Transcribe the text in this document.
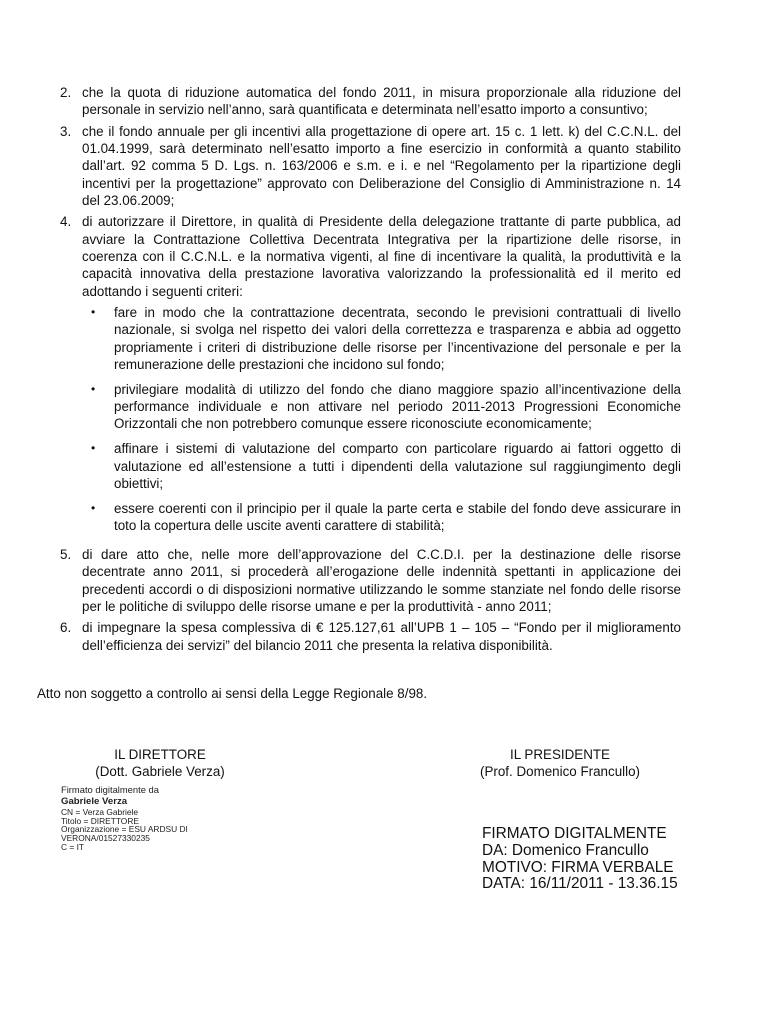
2. che la quota di riduzione automatica del fondo 2011, in misura proporzionale alla riduzione del personale in servizio nell’anno, sarà quantificata e determinata nell’esatto importo a consuntivo;
3. che il fondo annuale per gli incentivi alla progettazione di opere art. 15 c. 1 lett. k) del C.C.N.L. del 01.04.1999, sarà determinato nell’esatto importo a fine esercizio in conformità a quanto stabilito dall’art. 92 comma 5 D. Lgs. n. 163/2006 e s.m. e i. e nel “Regolamento per la ripartizione degli incentivi per la progettazione” approvato con Deliberazione del Consiglio di Amministrazione n. 14 del 23.06.2009;
4. di autorizzare il Direttore, in qualità di Presidente della delegazione trattante di parte pubblica, ad avviare la Contrattazione Collettiva Decentrata Integrativa per la ripartizione delle risorse, in coerenza con il C.C.N.L. e la normativa vigenti, al fine di incentivare la qualità, la produttività e la capacità innovativa della prestazione lavorativa valorizzando la professionalità ed il merito ed adottando i seguenti criteri:
•	fare in modo che la contrattazione decentrata, secondo le previsioni contrattuali di livello nazionale, si svolga nel rispetto dei valori della correttezza e trasparenza e abbia ad oggetto propriamente i criteri di distribuzione delle risorse per l’incentivazione del personale e per la remunerazione delle prestazioni che incidono sul fondo;
•	privilegiare modalità di utilizzo del fondo che diano maggiore spazio all’incentivazione della performance individuale e non attivare nel periodo 2011-2013 Progressioni Economiche Orizzontali che non potrebbero comunque essere riconosciute economicamente;
•	affinare i sistemi di valutazione del comparto con particolare riguardo ai fattori oggetto di valutazione ed all’estensione a tutti i dipendenti della valutazione sul raggiungimento degli obiettivi;
•	essere coerenti con il principio per il quale la parte certa e stabile del fondo deve assicurare in toto la copertura delle uscite aventi carattere di stabilità;
5. di dare atto che, nelle more dell’approvazione del C.C.D.I. per la destinazione delle risorse decentrate anno 2011, si procederà all’erogazione delle indennità spettanti in applicazione dei precedenti accordi o di disposizioni normative utilizzando le somme stanziate nel fondo delle risorse per le politiche di sviluppo delle risorse umane e per la produttività - anno 2011;
6. di impegnare la spesa complessiva di € 125.127,61 all’UPB 1 – 105 – “Fondo per il miglioramento dell’efficienza dei servizi” del bilancio 2011 che presenta la relativa disponibilità.
Atto non soggetto a controllo ai sensi della Legge Regionale 8/98.
IL DIRETTORE
(Dott. Gabriele Verza)
IL PRESIDENTE
(Prof. Domenico Francullo)
Firmato digitalmente da
Gabriele Verza
CN = Verza Gabriele
Titolo = DIRETTORE
Organizzazione = ESU ARDSU DI
VERONA/01527330235
C = IT
FIRMATO DIGITALMENTE
DA: Domenico Francullo
MOTIVO: FIRMA VERBALE
DATA: 16/11/2011 - 13.36.15
